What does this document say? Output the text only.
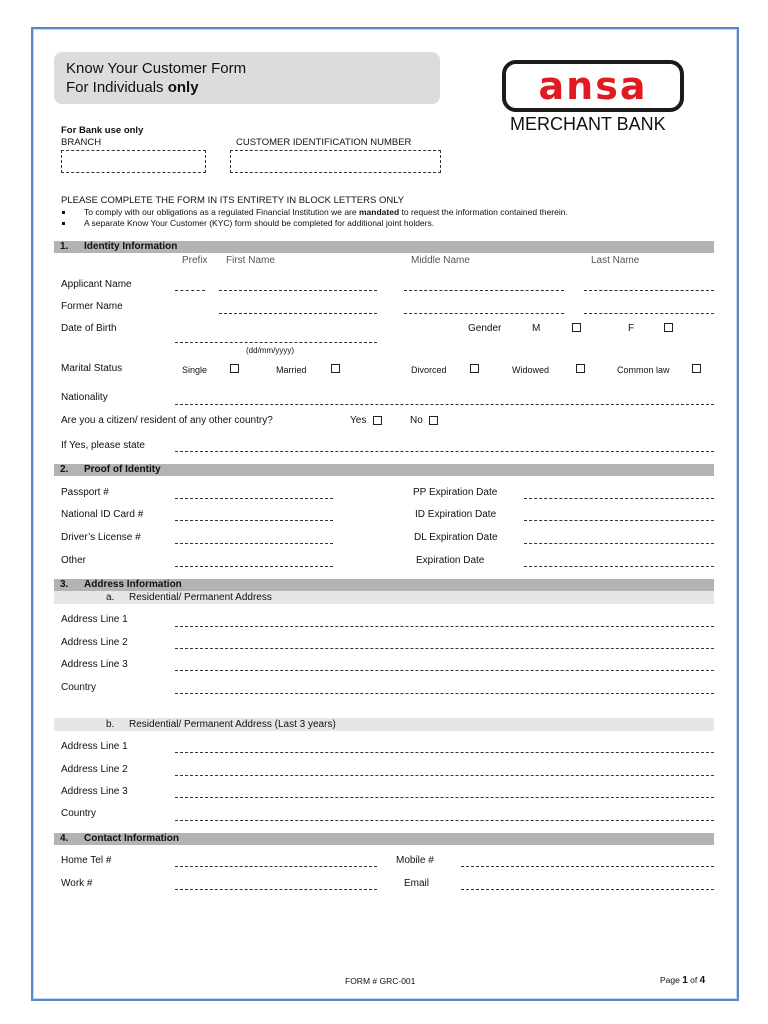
Know Your Customer Form
For Individuals only	ansa
MERCHANT BANK
For Bank use only
BRANCH	CUSTOMER IDENTIFICATION NUMBER
PLEASE COMPLETE THE FORM IN ITS ENTIRETY IN BLOCK LETTERS ONLY
To comply with our obligations as a regulated Financial Institution we are mandated to request the information contained therein.
A separate Know Your Customer (KYC) form should be completed for additional joint holders.
1. Identity Information
Prefix First Name	Middle Name	Last Name
Applicant Name
Former Name
Date of Birth
(dd/mm/yyyy)
Gender	M	F
Marital Status	Single	Married	Divorced	Widowed	Common law
Nationality
Are you a citizen/ resident of any other country?	Yes	No
If Yes, please state
2. Proof of Identity
Passport #	PP Expiration Date
National ID Card #	ID Expiration Date
Driver’s License #	DL Expiration Date
Other	Expiration Date
3. Address Information
a. Residential/ Permanent Address
Address Line 1
Address Line 2
Address Line 3
Country
b. Residential/ Permanent Address (Last 3 years)
Address Line 1
Address Line 2
Address Line 3
Country
4. Contact Information
Home Tel #	Mobile #
Work #	Email
FORM # GRC-001	Page 1 of 4
